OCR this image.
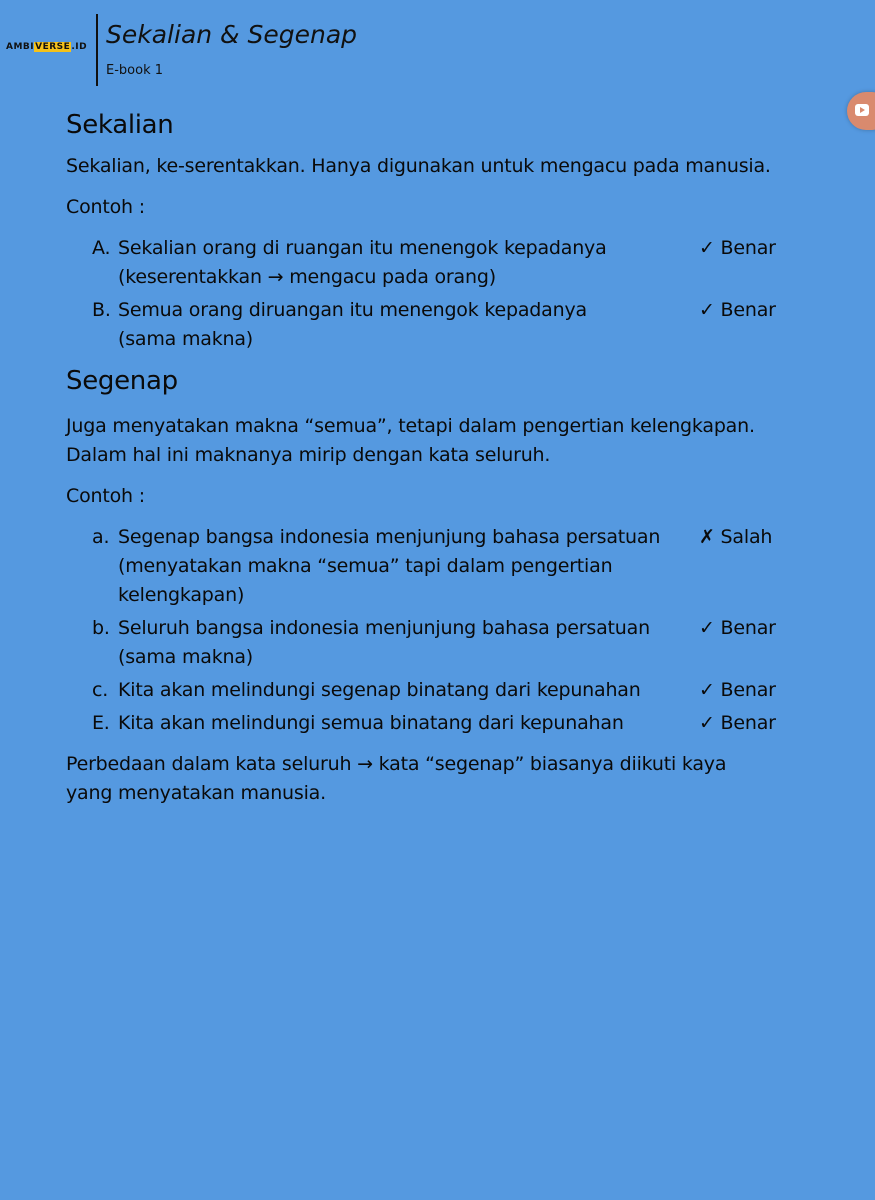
AMBIVERSE.ID Sekalian & Segenap
E-book 1
Sekalian

Sekalian, ke-serentakkan. Hanya digunakan untuk mengacu pada manusia.

Contoh :

A. Sekalian orang di ruangan itu menengok kepadanya
(keserentakkan → mengacu pada orang)
✓ Benar
B. Semua orang diruangan itu menengok kepadanya
(sama makna)
✓ Benar
Segenap

Juga menyatakan makna “semua”, tetapi dalam pengertian kelengkapan.

Dalam hal ini maknanya mirip dengan kata seluruh.

Contoh :

a. Segenap bangsa indonesia menjunjung bahasa persatuan
(menyatakan makna “semua” tapi dalam pengertian
kelengkapan)
✗ Salah
b. Seluruh bangsa indonesia menjunjung bahasa persatuan
(sama makna)
✓ Benar
c. Kita akan melindungi segenap binatang dari kepunahan	✓ Benar
E. Kita akan melindungi semua binatang dari kepunahan	✓ Benar

Perbedaan dalam kata seluruh → kata “segenap” biasanya diikuti kaya

yang menyatakan manusia.
